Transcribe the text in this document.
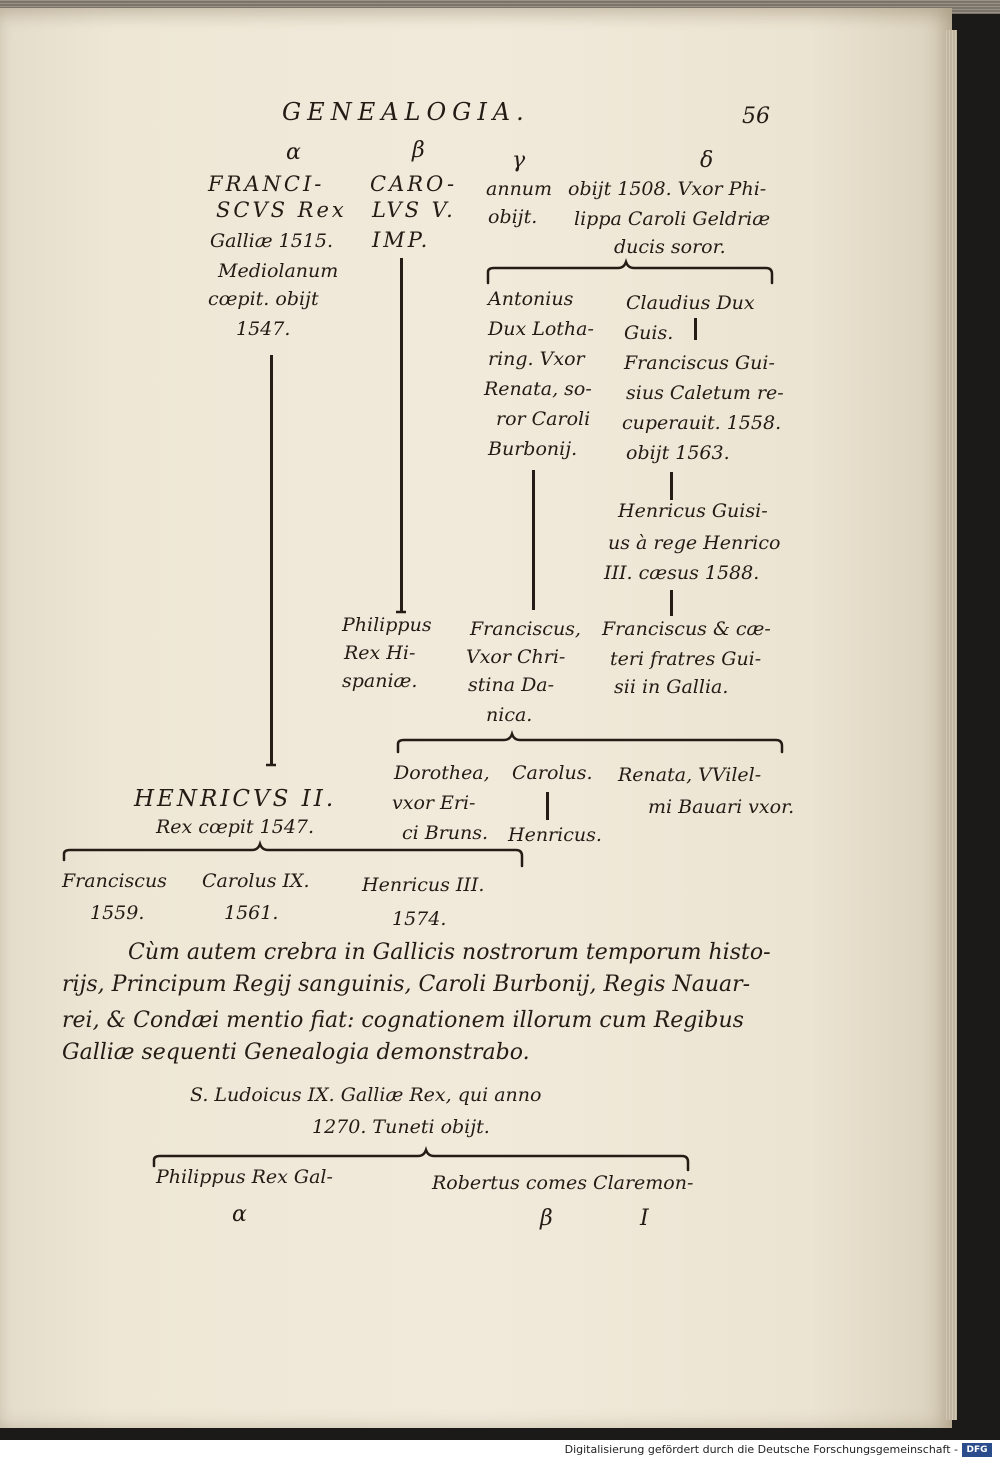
GENEALOGIA.	56
α	β	γ	δ
FRANCI-
SCVS Rex
Galliæ 1515.
Mediolanum
cœpit. obijt
1547.
CARO-
LVS V.
IMP.
annum
obijt.
obijt 1508. Vxor Phi-
lippa Caroli Geldriæ
ducis soror.
Antonius
Dux Lotha-
ring. Vxor
Renata, so-
ror Caroli
Burbonij.
Claudius Dux
Guis.
Franciscus Gui-
sius Caletum re-
cuperauit. 1558.
obijt 1563.
Henricus Guisi-
us à rege Henrico
III. cæsus 1588.
Philippus
Rex Hi-
spaniæ.
Franciscus,
Vxor Chri-
stina Da-
nica.
Franciscus & cæ-
teri fratres Gui-
sii in Gallia.
Dorothea,
vxor Eri-
ci Bruns.
Carolus.
Henricus.
Renata, VVilel-
mi Bauari vxor.
HENRICVS II.
Rex cœpit 1547.
Franciscus
1559.
Carolus IX.
1561.
Henricus III.
1574.
Cùm autem crebra in Gallicis nostrorum temporum histo-
rijs, Principum Regij sanguinis, Caroli Burbonij, Regis Nauar-
rei, & Condæi mentio fiat: cognationem illorum cum Regibus
Galliæ sequenti Genealogia demonstrabo.
S. Ludoicus IX. Galliæ Rex, qui anno
1270. Tuneti obijt.
Philippus Rex Gal-	Robertus comes Claremon-
α	β	I
Digitalisierung gefördert durch die Deutsche Forschungsgemeinschaft - DFG
